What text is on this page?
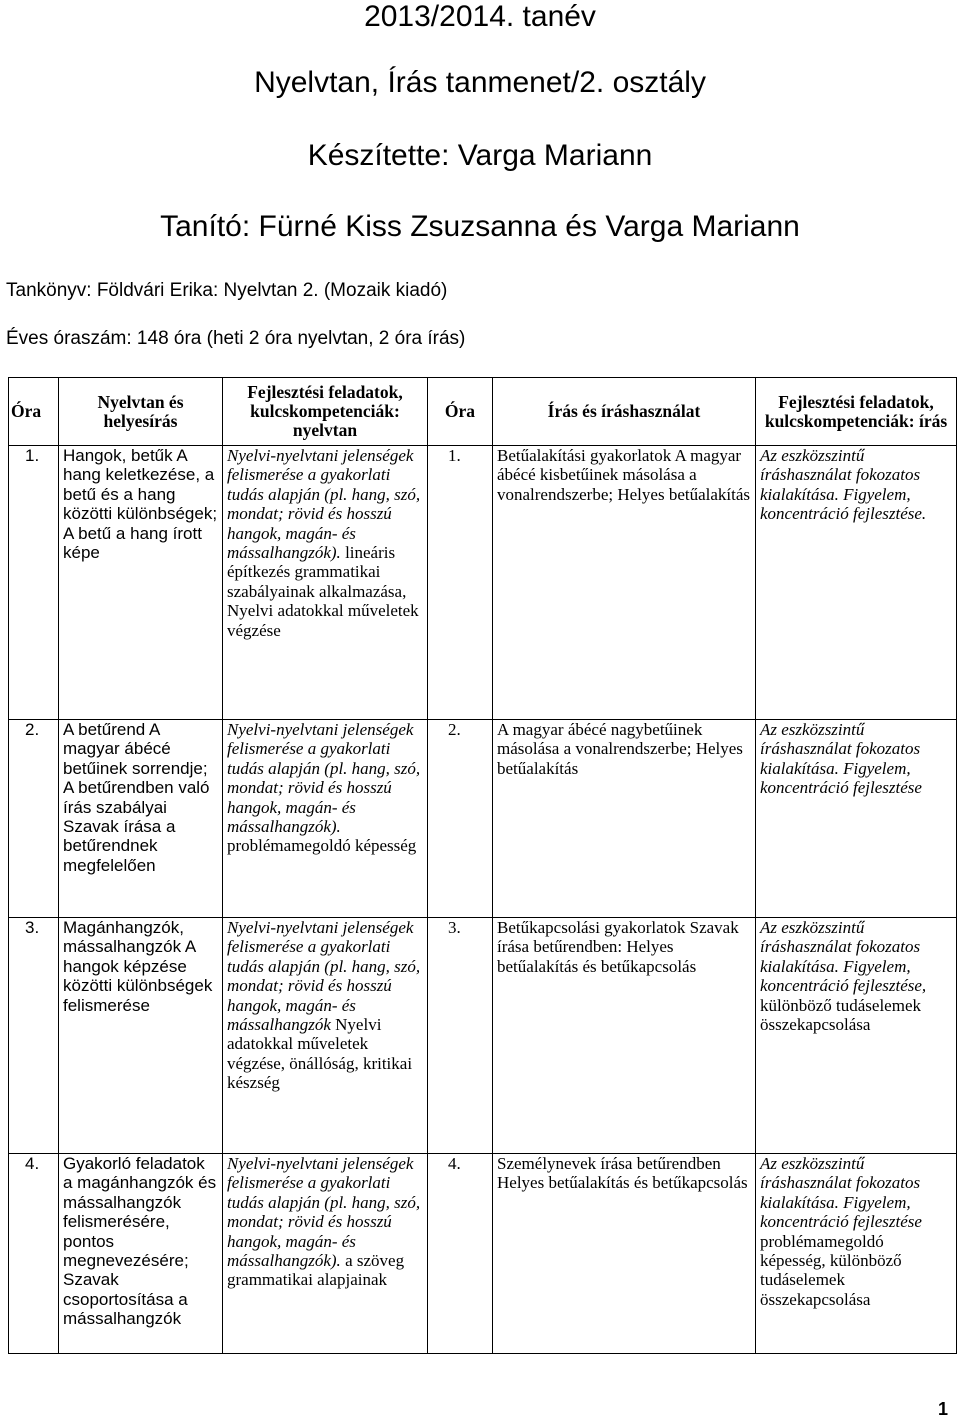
2013/2014. tanév
Nyelvtan, Írás tanmenet/2. osztály
Készítette: Varga Mariann
Tanító: Fürné Kiss Zsuzsanna és Varga Mariann
Tankönyv: Földvári Erika: Nyelvtan 2. (Mozaik kiadó)
Éves óraszám: 148 óra (heti 2 óra nyelvtan, 2 óra írás)
Óra	Nyelvtan és helyesírás	Fejlesztési feladatok, kulcskompetenciák: nyelvtan	Óra	Írás és íráshasználat	Fejlesztési feladatok, kulcskompetenciák: írás
1.	Hangok, betűk A hang keletkezése, a betű és a hang közötti különbségek; A betű a hang írott képe	Nyelvi-nyelvtani jelenségek felismerése a gyakorlati tudás alapján (pl. hang, szó, mondat; rövid és hosszú hangok, magán- és mássalhangzók). lineáris építkezés grammatikai szabályainak alkalmazása, Nyelvi adatokkal műveletek végzése	1.	Betűalakítási gyakorlatok A magyar ábécé kisbetűinek másolása a vonalrendszerbe; Helyes betűalakítás	Az eszközszintű íráshasználat fokozatos kialakítása. Figyelem, koncentráció fejlesztése.
2.	A betűrend A magyar ábécé betűinek sorrendje; A betűrendben való írás szabályai Szavak írása a betűrendnek megfelelően	Nyelvi-nyelvtani jelenségek felismerése a gyakorlati tudás alapján (pl. hang, szó, mondat; rövid és hosszú hangok, magán- és mássalhangzók). problémamegoldó képesség	2.	A magyar ábécé nagybetűinek másolása a vonalrendszerbe; Helyes betűalakítás	Az eszközszintű íráshasználat fokozatos kialakítása. Figyelem, koncentráció fejlesztése
3.	Magánhangzók, mássalhangzók A hangok képzése közötti különbségek felismerése	Nyelvi-nyelvtani jelenségek felismerése a gyakorlati tudás alapján (pl. hang, szó, mondat; rövid és hosszú hangok, magán- és mássalhangzók Nyelvi adatokkal műveletek végzése, önállóság, kritikai készség	3.	Betűkapcsolási gyakorlatok Szavak írása betűrendben: Helyes betűalakítás és betűkapcsolás	Az eszközszintű íráshasználat fokozatos kialakítása. Figyelem, koncentráció fejlesztése, különböző tudáselemek összekapcsolása
4.	Gyakorló feladatok a magánhangzók és mássalhangzók felismerésére, pontos megnevezésére; Szavak csoportosítása a mássalhangzók	Nyelvi-nyelvtani jelenségek felismerése a gyakorlati tudás alapján (pl. hang, szó, mondat; rövid és hosszú hangok, magán- és mássalhangzók). a szöveg grammatikai alapjainak	4.	Személynevek írása betűrendben Helyes betűalakítás és betűkapcsolás	Az eszközszintű íráshasználat fokozatos kialakítása. Figyelem, koncentráció fejlesztése problémamegoldó képesség, különböző tudáselemek összekapcsolása
1
